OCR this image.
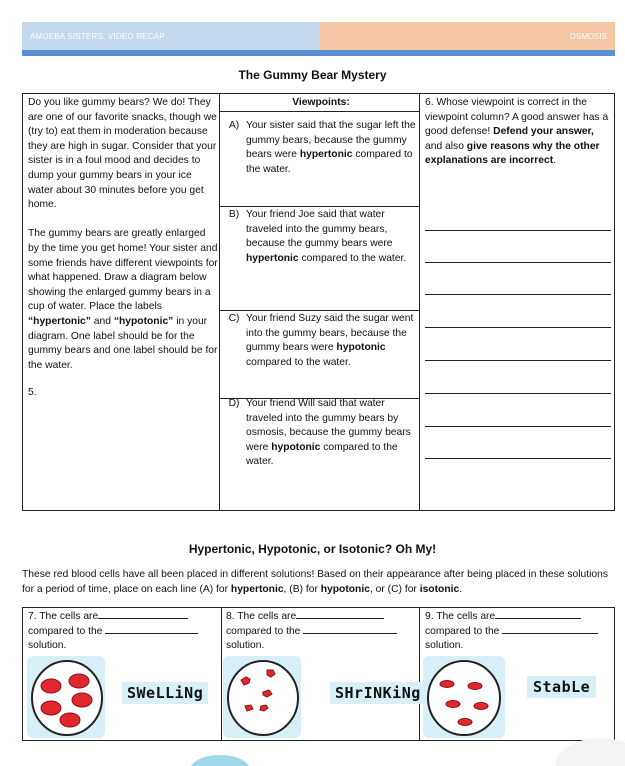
AMOEBA SISTERS: VIDEO RECAP	OSMOSIS
The Gummy Bear Mystery

Do you like gummy bears? We do! They are one of our favorite snacks, though we (try to) eat them in moderation because they are high in sugar. Consider that your sister is in a foul mood and decides to dump your gummy bears in your ice water about 30 minutes before you get home.

The gummy bears are greatly enlarged by the time you get home! Your sister and some friends have different viewpoints for what happened. Draw a diagram below showing the enlarged gummy bears in a cup of water. Place the labels “hypertonic” and “hypotonic” in your diagram. One label should be for the gummy bears and one label should be for the water.

5.

Viewpoints:
A) Your sister said that the sugar left the gummy bears, because the gummy bears were hypertonic compared to the water.
B) Your friend Joe said that water traveled into the gummy bears, because the gummy bears were hypertonic compared to the water.
C) Your friend Suzy said the sugar went into the gummy bears, because the gummy bears were hypotonic compared to the water.
D) Your friend Will said that water traveled into the gummy bears by osmosis, because the gummy bears were hypotonic compared to the water.
6. Whose viewpoint is correct in the viewpoint column? A good answer has a good defense! Defend your answer, and also give reasons why the other explanations are incorrect.
Hypertonic, Hypotonic, or Isotonic? Oh My!
These red blood cells have all been placed in different solutions! Based on their appearance after being placed in these solutions for a period of time, place on each line (A) for hypertonic, (B) for hypotonic, or (C) for isotonic.
7. The cells are
compared to the
solution.
SWeLLiNg
8. The cells are
compared to the
solution.
SHrINKiNg
9. The cells are
compared to the
solution.
StabLe
